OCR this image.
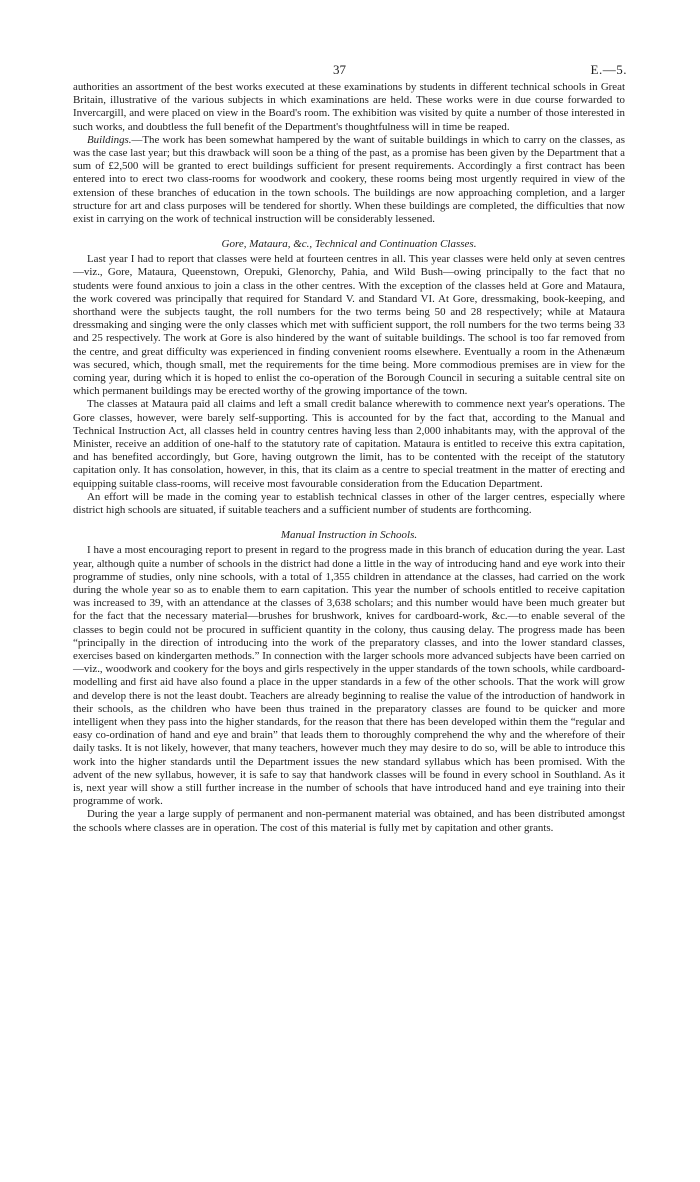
37	E.—5.

authorities an assortment of the best works executed at these examinations by students in different technical schools in Great Britain, illustrative of the various subjects in which examinations are held. These works were in due course forwarded to Invercargill, and were placed on view in the Board's room. The exhibition was visited by quite a number of those interested in such works, and doubtless the full benefit of the Department's thoughtfulness will in time be reaped.

Buildings.—The work has been somewhat hampered by the want of suitable buildings in which to carry on the classes, as was the case last year; but this drawback will soon be a thing of the past, as a promise has been given by the Department that a sum of £2,500 will be granted to erect buildings sufficient for present requirements. Accordingly a first contract has been entered into to erect two class-rooms for woodwork and cookery, these rooms being most urgently required in view of the extension of these branches of education in the town schools. The buildings are now approaching completion, and a larger structure for art and class purposes will be tendered for shortly. When these buildings are completed, the difficulties that now exist in carrying on the work of technical instruction will be considerably lessened.

Gore, Mataura, &c., Technical and Continuation Classes.

Last year I had to report that classes were held at fourteen centres in all. This year classes were held only at seven centres—viz., Gore, Mataura, Queenstown, Orepuki, Glenorchy, Pahia, and Wild Bush—owing principally to the fact that no students were found anxious to join a class in the other centres. With the exception of the classes held at Gore and Mataura, the work covered was principally that required for Standard V. and Standard VI. At Gore, dressmaking, book-keeping, and shorthand were the subjects taught, the roll numbers for the two terms being 50 and 28 respectively; while at Mataura dressmaking and singing were the only classes which met with sufficient support, the roll numbers for the two terms being 33 and 25 respectively. The work at Gore is also hindered by the want of suitable buildings. The school is too far removed from the centre, and great difficulty was experienced in finding convenient rooms elsewhere. Eventually a room in the Athenæum was secured, which, though small, met the requirements for the time being. More commodious premises are in view for the coming year, during which it is hoped to enlist the co-operation of the Borough Council in securing a suitable central site on which permanent buildings may be erected worthy of the growing importance of the town.

The classes at Mataura paid all claims and left a small credit balance wherewith to commence next year's operations. The Gore classes, however, were barely self-supporting. This is accounted for by the fact that, according to the Manual and Technical Instruction Act, all classes held in country centres having less than 2,000 inhabitants may, with the approval of the Minister, receive an addition of one-half to the statutory rate of capitation. Mataura is entitled to receive this extra capitation, and has benefited accordingly, but Gore, having outgrown the limit, has to be contented with the receipt of the statutory capitation only. It has consolation, however, in this, that its claim as a centre to special treatment in the matter of erecting and equipping suitable class-rooms, will receive most favourable consideration from the Education Department.

An effort will be made in the coming year to establish technical classes in other of the larger centres, especially where district high schools are situated, if suitable teachers and a sufficient number of students are forthcoming.

Manual Instruction in Schools.

I have a most encouraging report to present in regard to the progress made in this branch of education during the year. Last year, although quite a number of schools in the district had done a little in the way of introducing hand and eye work into their programme of studies, only nine schools, with a total of 1,355 children in attendance at the classes, had carried on the work during the whole year so as to enable them to earn capitation. This year the number of schools entitled to receive capitation was increased to 39, with an attendance at the classes of 3,638 scholars; and this number would have been much greater but for the fact that the necessary material—brushes for brushwork, knives for cardboard-work, &c.—to enable several of the classes to begin could not be procured in sufficient quantity in the colony, thus causing delay. The progress made has been “principally in the direction of introducing into the work of the preparatory classes, and into the lower standard classes, exercises based on kindergarten methods.” In connection with the larger schools more advanced subjects have been carried on—viz., woodwork and cookery for the boys and girls respectively in the upper standards of the town schools, while cardboard-modelling and first aid have also found a place in the upper standards in a few of the other schools. That the work will grow and develop there is not the least doubt. Teachers are already beginning to realise the value of the introduction of handwork in their schools, as the children who have been thus trained in the preparatory classes are found to be quicker and more intelligent when they pass into the higher standards, for the reason that there has been developed within them the “regular and easy co-ordination of hand and eye and brain” that leads them to thoroughly comprehend the why and the wherefore of their daily tasks. It is not likely, however, that many teachers, however much they may desire to do so, will be able to introduce this work into the higher standards until the Department issues the new standard syllabus which has been promised. With the advent of the new syllabus, however, it is safe to say that handwork classes will be found in every school in Southland. As it is, next year will show a still further increase in the number of schools that have introduced hand and eye training into their programme of work.

During the year a large supply of permanent and non-permanent material was obtained, and has been distributed amongst the schools where classes are in operation. The cost of this material is fully met by capitation and other grants.
